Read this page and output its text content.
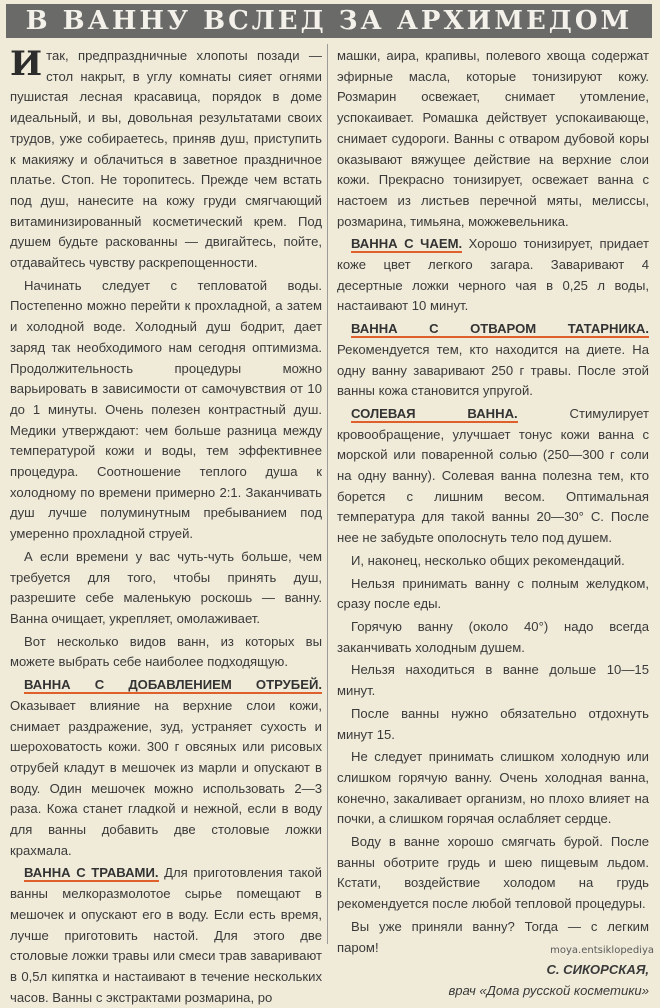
В ВАННУ ВСЛЕД ЗА АРХИМЕДОМ

Итак, предпраздничные хлопоты позади — стол накрыт, в углу комнаты сияет огнями пушистая лесная красавица, порядок в доме идеальный, и вы, довольная результатами своих трудов, уже собираетесь, приняв душ, приступить к макияжу и облачиться в заветное праздничное платье. Стоп. Не торопитесь. Прежде чем встать под душ, нанесите на кожу груди смягчающий витаминизированный косметический крем. Под душем будьте раскованны — двигайтесь, пойте, отдавайтесь чувству раскрепощенности.

Начинать следует с тепловатой воды. Постепенно можно перейти к прохладной, а затем и холодной воде. Холодный душ бодрит, дает заряд так необходимого нам сегодня оптимизма. Продолжительность процедуры можно варьировать в зависимости от самочувствия от 10 до 1 минуты. Очень полезен контрастный душ. Медики утверждают: чем больше разница между температурой кожи и воды, тем эффективнее процедура. Соотношение теплого душа к холодному по времени примерно 2:1. Заканчивать душ лучше полуминутным пребыванием под умеренно прохладной струей.

А если времени у вас чуть-чуть больше, чем требуется для того, чтобы принять душ, разрешите себе маленькую роскошь — ванну. Ванна очищает, укрепляет, омолаживает.

Вот несколько видов ванн, из которых вы можете выбрать себе наиболее подходящую.

ВАННА С ДОБАВЛЕНИЕМ ОТРУБЕЙ. Оказывает влияние на верхние слои кожи, снимает раздражение, зуд, устраняет сухость и шероховатость кожи. 300 г овсяных или рисовых отрубей кладут в мешочек из марли и опускают в воду. Один мешочек можно использовать 2—3 раза. Кожа станет гладкой и нежной, если в воду для ванны добавить две столовые ложки крахмала.

ВАННА С ТРАВАМИ. Для приготовления такой ванны мелкоразмолотое сырье помещают в мешочек и опускают его в воду. Если есть время, лучше приготовить настой. Для этого две столовые ложки травы или смеси трав заваривают в 0,5л кипятка и настаивают в течение нескольких часов. Ванны с экстрактами розмарина, ро

машки, аира, крапивы, полевого хвоща содержат эфирные масла, которые тонизируют кожу. Розмарин освежает, снимает утомление, успокаивает. Ромашка действует успокаивающе, снимает судороги. Ванны с отваром дубовой коры оказывают вяжущее действие на верхние слои кожи. Прекрасно тонизирует, освежает ванна с настоем из листьев перечной мяты, мелиссы, розмарина, тимьяна, можжевельника.

ВАННА С ЧАЕМ. Хорошо тонизирует, придает коже цвет легкого загара. Заваривают 4 десертные ложки черного чая в 0,25 л воды, настаивают 10 минут.

ВАННА С ОТВАРОМ ТАТАРНИКА. Рекомендуется тем, кто находится на диете. На одну ванну заваривают 250 г травы. После этой ванны кожа становится упругой.

СОЛЕВАЯ ВАННА. Стимулирует кровообращение, улучшает тонус кожи ванна с морской или поваренной солью (250—300 г соли на одну ванну). Солевая ванна полезна тем, кто борется с лишним весом. Оптимальная температура для такой ванны 20—30° С. После нее не забудьте ополоснуть тело под душем.

И, наконец, несколько общих рекомендаций.

Нельзя принимать ванну с полным желудком, сразу после еды.

Горячую ванну (около 40°) надо всегда заканчивать холодным душем.

Нельзя находиться в ванне дольше 10—15 минут.

После ванны нужно обязательно отдохнуть минут 15.

Не следует принимать слишком холодную или слишком горячую ванну. Очень холодная ванна, конечно, закаливает организм, но плохо влияет на почки, а слишком горячая ослабляет сердце.

Воду в ванне хорошо смягчать бурой. После ванны оботрите грудь и шею пищевым льдом. Кстати, воздействие холодом на грудь рекомендуется после любой тепловой процедуры.

Вы уже приняли ванну? Тогда — с легким паром!

С. СИКОРСКАЯ,

врач «Дома русской косметики»

moya.entsiklopediya
